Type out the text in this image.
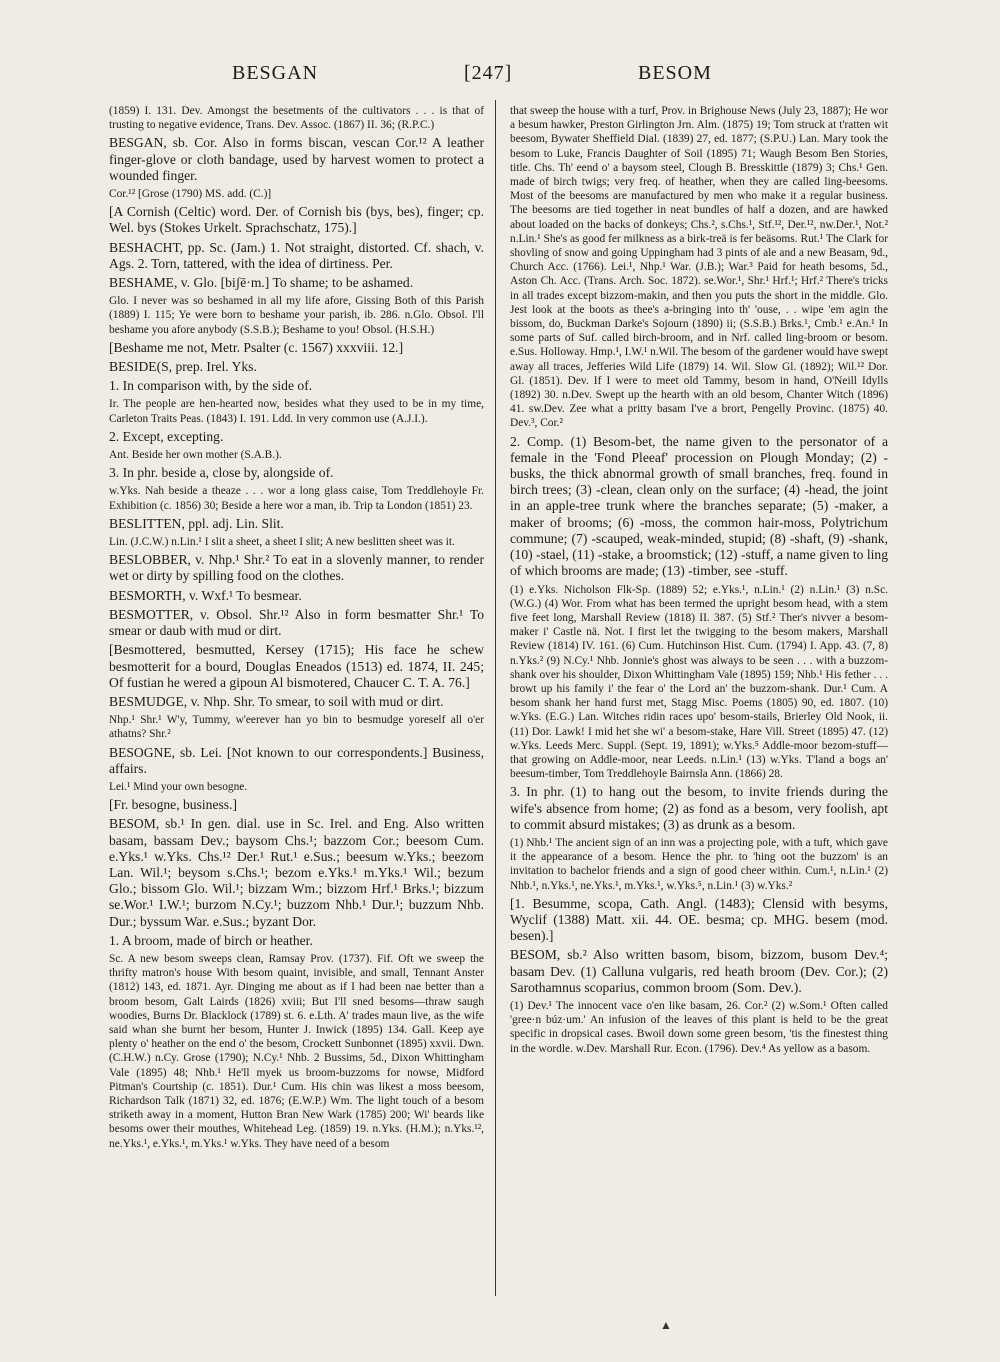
BESGAN	[247]	BESOM

(1859) I. 131. Dev. Amongst the besetments of the cultivators . . . is that of trusting to negative evidence, Trans. Dev. Assoc. (1867) II. 36; (R.P.C.)

BESGAN, sb. Cor. Also in forms biscan, vescan Cor.¹² A leather finger-glove or cloth bandage, used by harvest women to protect a wounded finger.

Cor.¹² [Grose (1790) MS. add. (C.)]

[A Cornish (Celtic) word. Der. of Cornish bis (bys, bes), finger; cp. Wel. bys (Stokes Urkelt. Sprachschatz, 175).]

BESHACHT, pp. Sc. (Jam.) 1. Not straight, distorted. Cf. shach, v. Ags. 2. Torn, tattered, with the idea of dirtiness. Per.

BESHAME, v. Glo. [biʃē·m.] To shame; to be ashamed.

Glo. I never was so beshamed in all my life afore, Gissing Both of this Parish (1889) I. 115; Ye were born to beshame your parish, ib. 286. n.Glo. Obsol. I'll beshame you afore anybody (S.S.B.); Beshame to you! Obsol. (H.S.H.)

[Beshame me not, Metr. Psalter (c. 1567) xxxviii. 12.]

BESIDE(S, prep. Irel. Yks.

1. In comparison with, by the side of.

Ir. The people are hen-hearted now, besides what they used to be in my time, Carleton Traits Peas. (1843) I. 191. Ldd. In very common use (A.J.I.).

2. Except, excepting.

Ant. Beside her own mother (S.A.B.).

3. In phr. beside a, close by, alongside of.

w.Yks. Nah beside a theaze . . . wor a long glass caise, Tom Treddlehoyle Fr. Exhibition (c. 1856) 30; Beside a here wor a man, ib. Trip ta London (1851) 23.

BESLITTEN, ppl. adj. Lin. Slit.

Lin. (J.C.W.) n.Lin.¹ I slit a sheet, a sheet I slit; A new beslitten sheet was it.

BESLOBBER, v. Nhp.¹ Shr.² To eat in a slovenly manner, to render wet or dirty by spilling food on the clothes.

BESMORTH, v. Wxf.¹ To besmear.

BESMOTTER, v. Obsol. Shr.¹² Also in form besmatter Shr.¹ To smear or daub with mud or dirt.

[Besmottered, besmutted, Kersey (1715); His face he schew besmotterit for a bourd, Douglas Eneados (1513) ed. 1874, II. 245; Of fustian he wered a gipoun Al bismotered, Chaucer C. T. A. 76.]

BESMUDGE, v. Nhp. Shr. To smear, to soil with mud or dirt.

Nhp.¹ Shr.¹ W'y, Tummy, w'eerever han yo bin to besmudge yoreself all o'er athatns? Shr.²

BESOGNE, sb. Lei. [Not known to our correspondents.] Business, affairs.

Lei.¹ Mind your own besogne.

[Fr. besogne, business.]

BESOM, sb.¹ In gen. dial. use in Sc. Irel. and Eng. Also written basam, bassam Dev.; baysom Chs.¹; bazzom Cor.; beesom Cum. e.Yks.¹ w.Yks. Chs.¹² Der.¹ Rut.¹ e.Sus.; beesum w.Yks.; beezom Lan. Wil.¹; beysom s.Chs.¹; bezom e.Yks.¹ m.Yks.¹ Wil.; bezum Glo.; bissom Glo. Wil.¹; bizzam Wm.; bizzom Hrf.¹ Brks.¹; bizzum se.Wor.¹ I.W.¹; burzom N.Cy.¹; buzzom Nhb.¹ Dur.¹; buzzum Nhb. Dur.; byssum War. e.Sus.; byzant Dor.

1. A broom, made of birch or heather.

Sc. A new besom sweeps clean, Ramsay Prov. (1737). Fif. Oft we sweep the thrifty matron's house With besom quaint, invisible, and small, Tennant Anster (1812) 143, ed. 1871. Ayr. Dinging me about as if I had been nae better than a broom besom, Galt Lairds (1826) xviii; But I'll sned besoms—thraw saugh woodies, Burns Dr. Blacklock (1789) st. 6. e.Lth. A' trades maun live, as the wife said whan she burnt her besom, Hunter J. Inwick (1895) 134. Gall. Keep aye plenty o' heather on the end o' the besom, Crockett Sunbonnet (1895) xxvii. Dwn. (C.H.W.) n.Cy. Grose (1790); N.Cy.¹ Nhb. 2 Bussims, 5d., Dixon Whittingham Vale (1895) 48; Nhb.¹ He'll myek us broom-buzzoms for nowse, Midford Pitman's Courtship (c. 1851). Dur.¹ Cum. His chin was likest a moss beesom, Richardson Talk (1871) 32, ed. 1876; (E.W.P.) Wm. The light touch of a besom striketh away in a moment, Hutton Bran New Wark (1785) 200; Wi' beards like besoms ower their mouthes, Whitehead Leg. (1859) 19. n.Yks. (H.M.); n.Yks.¹², ne.Yks.¹, e.Yks.¹, m.Yks.¹ w.Yks. They have need of a besom

that sweep the house with a turf, Prov. in Brighouse News (July 23, 1887); He wor a besum hawker, Preston Girlington Jrn. Alm. (1875) 19; Tom struck at t'ratten wit beesom, Bywater Sheffield Dial. (1839) 27, ed. 1877; (S.P.U.) Lan. Mary took the besom to Luke, Francis Daughter of Soil (1895) 71; Waugh Besom Ben Stories, title. Chs. Th' eend o' a baysom steel, Clough B. Bresskittle (1879) 3; Chs.¹ Gen. made of birch twigs; very freq. of heather, when they are called ling-beesoms. Most of the beesoms are manufactured by men who make it a regular business. The beesoms are tied together in neat bundles of half a dozen, and are hawked about loaded on the backs of donkeys; Chs.², s.Chs.¹, Stf.¹², Der.¹², nw.Der.¹, Not.² n.Lin.¹ She's as good fer milkness as a birk-treä is fer beäsoms. Rut.¹ The Clark for shovling of snow and going Uppingham had 3 pints of ale and a new Beasam, 9d., Church Acc. (1766). Lei.¹, Nhp.¹ War. (J.B.); War.³ Paid for heath besoms, 5d., Aston Ch. Acc. (Trans. Arch. Soc. 1872). se.Wor.¹, Shr.¹ Hrf.¹; Hrf.² There's tricks in all trades except bizzom-makin, and then you puts the short in the middle. Glo. Jest look at the boots as thee's a-bringing into th' 'ouse, . . wipe 'em agin the bissom, do, Buckman Darke's Sojourn (1890) ii; (S.S.B.) Brks.¹, Cmb.¹ e.An.¹ In some parts of Suf. called birch-broom, and in Nrf. called ling-broom or besom. e.Sus. Holloway. Hmp.¹, I.W.¹ n.Wil. The besom of the gardener would have swept away all traces, Jefferies Wild Life (1879) 14. Wil. Slow Gl. (1892); Wil.¹² Dor. Gl. (1851). Dev. If I were to meet old Tammy, besom in hand, O'Neill Idylls (1892) 30. n.Dev. Swept up the hearth with an old besom, Chanter Witch (1896) 41. sw.Dev. Zee what a pritty basam I've a brort, Pengelly Provinc. (1875) 40. Dev.³, Cor.²

2. Comp. (1) Besom-bet, the name given to the personator of a female in the 'Fond Pleeaf' procession on Plough Monday; (2) -busks, the thick abnormal growth of small branches, freq. found in birch trees; (3) -clean, clean only on the surface; (4) -head, the joint in an apple-tree trunk where the branches separate; (5) -maker, a maker of brooms; (6) -moss, the common hair-moss, Polytrichum commune; (7) -scauped, weak-minded, stupid; (8) -shaft, (9) -shank, (10) -stael, (11) -stake, a broomstick; (12) -stuff, a name given to ling of which brooms are made; (13) -timber, see -stuff.

(1) e.Yks. Nicholson Flk-Sp. (1889) 52; e.Yks.¹, n.Lin.¹ (2) n.Lin.¹ (3) n.Sc. (W.G.) (4) Wor. From what has been termed the upright besom head, with a stem five feet long, Marshall Review (1818) II. 387. (5) Stf.² Ther's nivver a besom-maker i' Castle nä. Not. I first let the twigging to the besom makers, Marshall Review (1814) IV. 161. (6) Cum. Hutchinson Hist. Cum. (1794) I. App. 43. (7, 8) n.Yks.² (9) N.Cy.¹ Nhb. Jonnie's ghost was always to be seen . . . with a buzzom-shank over his shoulder, Dixon Whittingham Vale (1895) 159; Nhb.¹ His fether . . . browt up his family i' the fear o' the Lord an' the buzzom-shank. Dur.¹ Cum. A besom shank her hand furst met, Stagg Misc. Poems (1805) 90, ed. 1807. (10) w.Yks. (E.G.) Lan. Witches ridin races upo' besom-stails, Brierley Old Nook, ii. (11) Dor. Lawk! I mid het she wi' a besom-stake, Hare Vill. Street (1895) 47. (12) w.Yks. Leeds Merc. Suppl. (Sept. 19, 1891); w.Yks.⁵ Addle-moor bezom-stuff—that growing on Addle-moor, near Leeds. n.Lin.¹ (13) w.Yks. T'land a bogs an' beesum-timber, Tom Treddlehoyle Bairnsla Ann. (1866) 28.

3. In phr. (1) to hang out the besom, to invite friends during the wife's absence from home; (2) as fond as a besom, very foolish, apt to commit absurd mistakes; (3) as drunk as a besom.

(1) Nhb.¹ The ancient sign of an inn was a projecting pole, with a tuft, which gave it the appearance of a besom. Hence the phr. to 'hing oot the buzzom' is an invitation to bachelor friends and a sign of good cheer within. Cum.¹, n.Lin.¹ (2) Nhb.¹, n.Yks.¹, ne.Yks.¹, m.Yks.¹, w.Yks.⁵, n.Lin.¹ (3) w.Yks.²

[1. Besumme, scopa, Cath. Angl. (1483); Clensid with besyms, Wyclif (1388) Matt. xii. 44. OE. besma; cp. MHG. besem (mod. besen).]

BESOM, sb.² Also written basom, bisom, bizzom, busom Dev.⁴; basam Dev. (1) Calluna vulgaris, red heath broom (Dev. Cor.); (2) Sarothamnus scoparius, common broom (Som. Dev.).

(1) Dev.¹ The innocent vace o'en like basam, 26. Cor.² (2) w.Som.¹ Often called 'gree·n búz·um.' An infusion of the leaves of this plant is held to be the great specific in dropsical cases. Bwoil down some green besom, 'tis the finestest thing in the wordle. w.Dev. Marshall Rur. Econ. (1796). Dev.⁴ As yellow as a basom.

▲
